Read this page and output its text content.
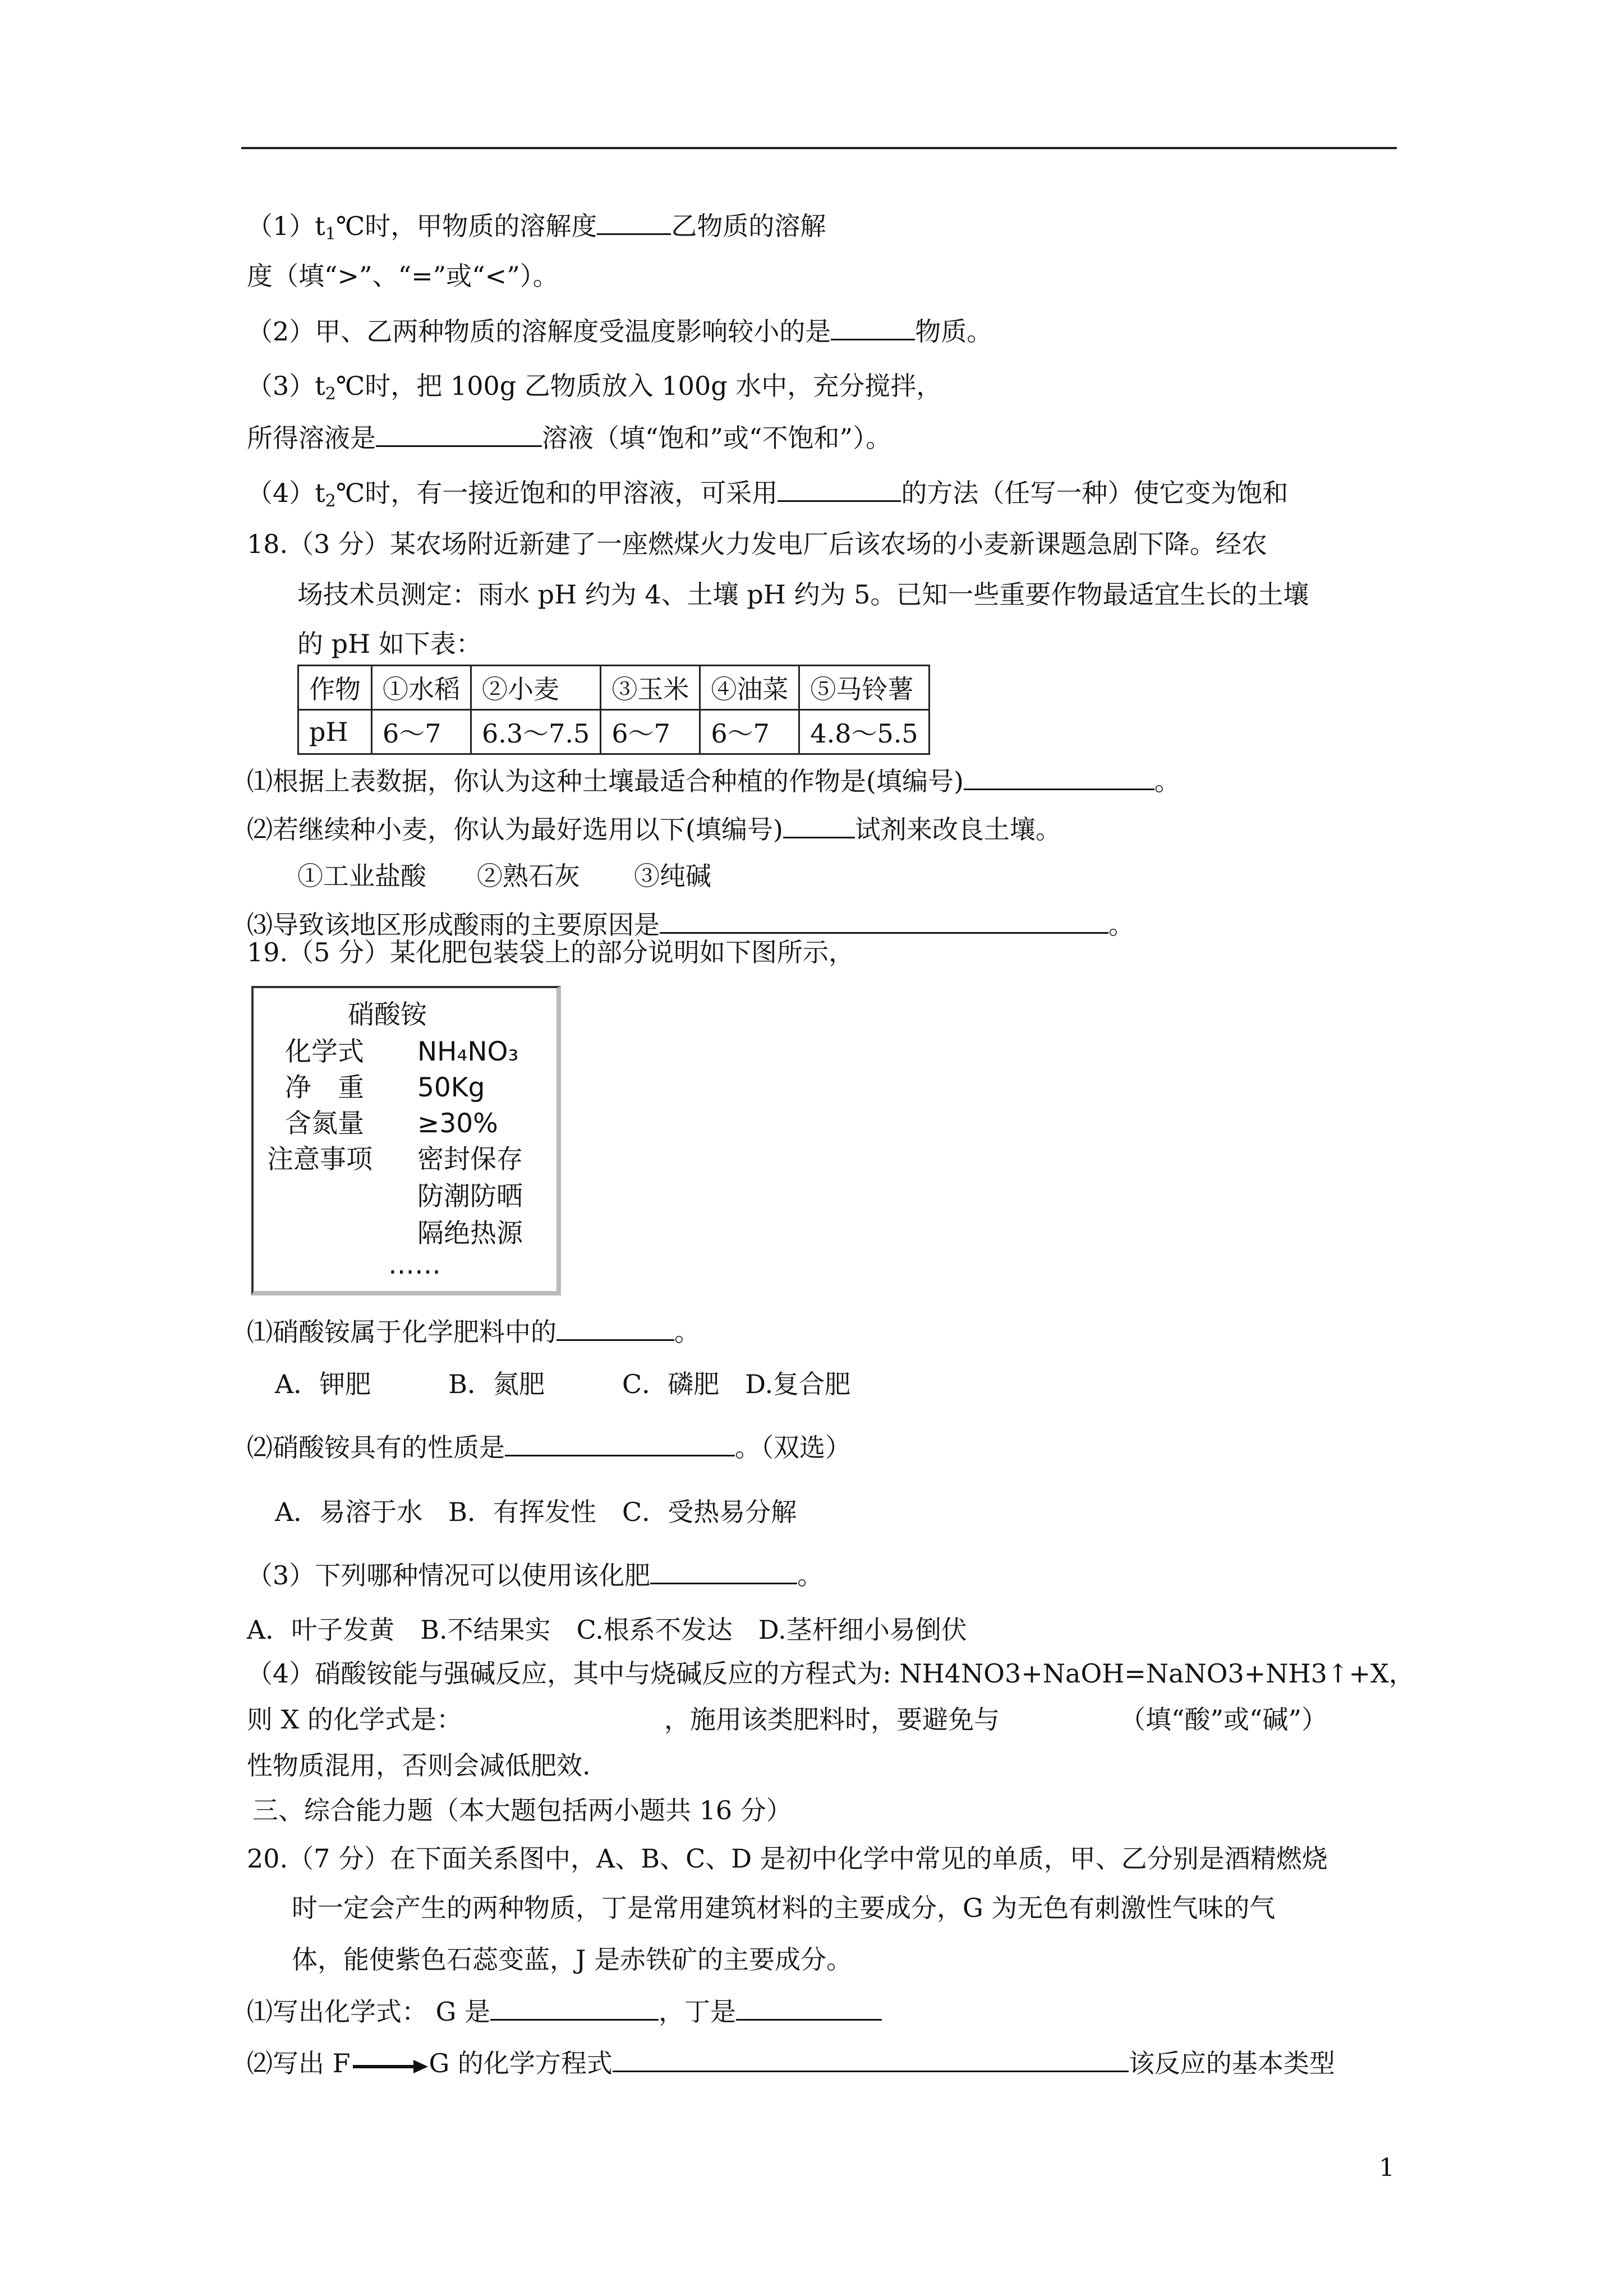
$(1)t_1℃$时，甲物质的溶解度	乙物质的溶解
度（填“>”、“=”或“<”）。
（2）甲、乙两种物质的溶解度受温度影响较小的是	物质。
$(3)t_2℃$时，把 100g 乙物质放入 100g 水中，充分搅拌，
所得溶液是	溶液（填“饱和”或“不饱和”）。
$(4)t_2℃$时，有一接近饱和的甲溶液，可采用	的方法（任写一种）使它变为饱和
18.（3 分）某农场附近新建了一座燃煤火力发电厂后该农场的小麦新课题急剧下降。经农
场技术员测定：雨水 pH 约为 4、土壤 pH 约为 5。已知一些重要作物最适宜生长的土壤
的 pH 如下表：
作物	①水稻	②小麦	③玉米	④油菜	⑤马铃薯
pH	6～7	6.3～7.5	6～7	6～7	4.8～5.5
⑴根据上表数据，你认为这种土壤最适合种植的作物是(填编号)	。
⑵若继续种小麦，你认为最好选用以下(填编号)	试剂来改良土壤。
①工业盐酸 ②熟石灰 ③纯碱
⑶导致该地区形成酸雨的主要原因是	。
19.（5 分）某化肥包装袋上的部分说明如下图所示，
硝酸铵
化学式 NH₄NO₃
净　重 50Kg
含氮量 ≥30%
注意事项 密封保存
防潮防晒
隔绝热源
……
⑴硝酸铵属于化学肥料中的	。
A．钾肥　　　B．氮肥　　　C．磷肥　D.复合肥
⑵硝酸铵具有的性质是	。（双选）
A．易溶于水　B．有挥发性　C．受热易分解
（3）下列哪种情况可以使用该化肥	。
A．叶子发黄　B.不结果实　C.根系不发达　D.茎杆细小易倒伏
（4）硝酸铵能与强碱反应，其中与烧碱反应的方程式为: NH4NO3+NaOH=NaNO3+NH3↑+X，
则 X 的化学式是：	，施用该类肥料时，要避免与	（填“酸”或“碱”）
性物质混用，否则会减低肥效.
三、综合能力题（本大题包括两小题共 16 分）
20.（7 分）在下面关系图中，A、B、C、D 是初中化学中常见的单质，甲、乙分别是酒精燃烧
时一定会产生的两种物质，丁是常用建筑材料的主要成分，G 为无色有刺激性气味的气
体，能使紫色石蕊变蓝，J 是赤铁矿的主要成分。
⑴写出化学式： G 是	，丁是
⑵写出 F→G 的化学方程式	该反应的基本类型
1
